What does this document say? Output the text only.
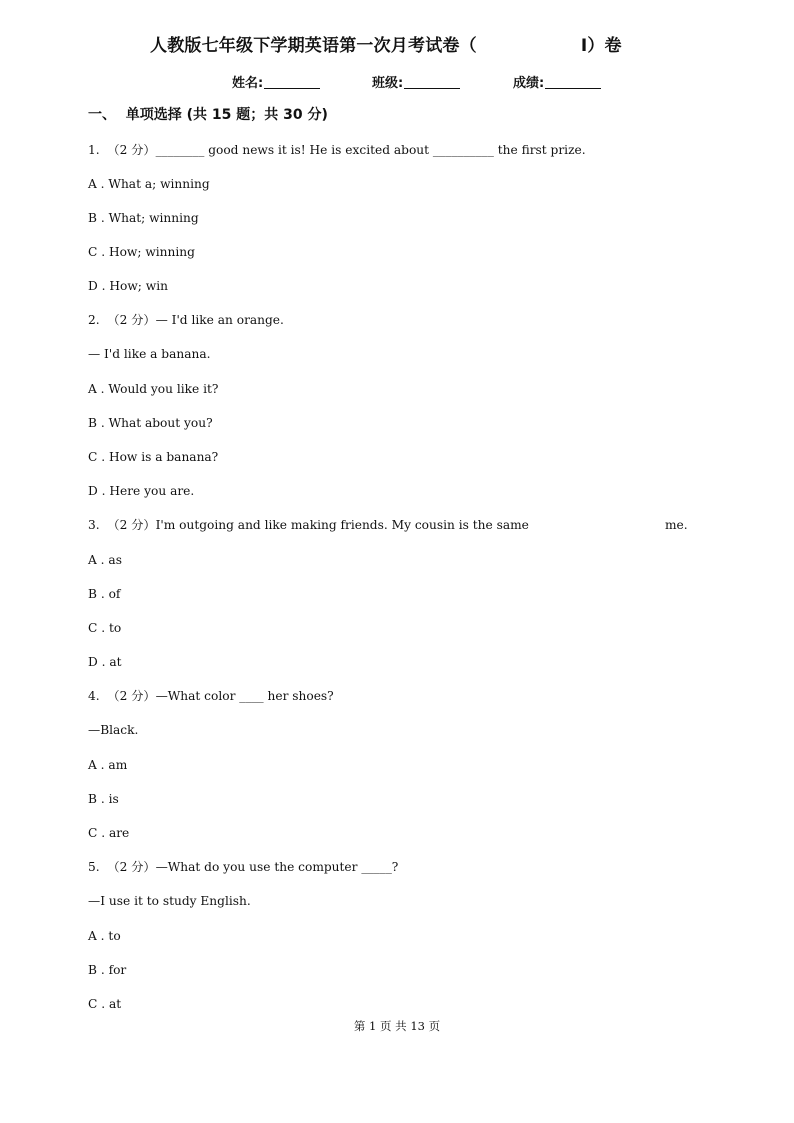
人教版七年级下学期英语第一次月考试卷（                 I）卷
姓名:	班级:	成绩:
一、  单项选择 (共 15 题；共 30 分)
1.  （2 分）________ good news it is! He is excited about __________ the first prize.
A . What a; winning
B . What; winning
C . How; winning
D . How; win
2.  （2 分）— I'd like an orange.
— I'd like a banana.
A . Would you like it?
B . What about you?
C . How is a banana?
D . Here you are.
3.  （2 分）I'm outgoing and like making friends. My cousin is the same	me.
A . as
B . of
C . to
D . at
4.  （2 分）—What color ____ her shoes?
—Black.
A . am
B . is
C . are
5.  （2 分）—What do you use the computer _____?
—I use it to study English.
A . to
B . for
C . at
第 1 页 共 13 页
